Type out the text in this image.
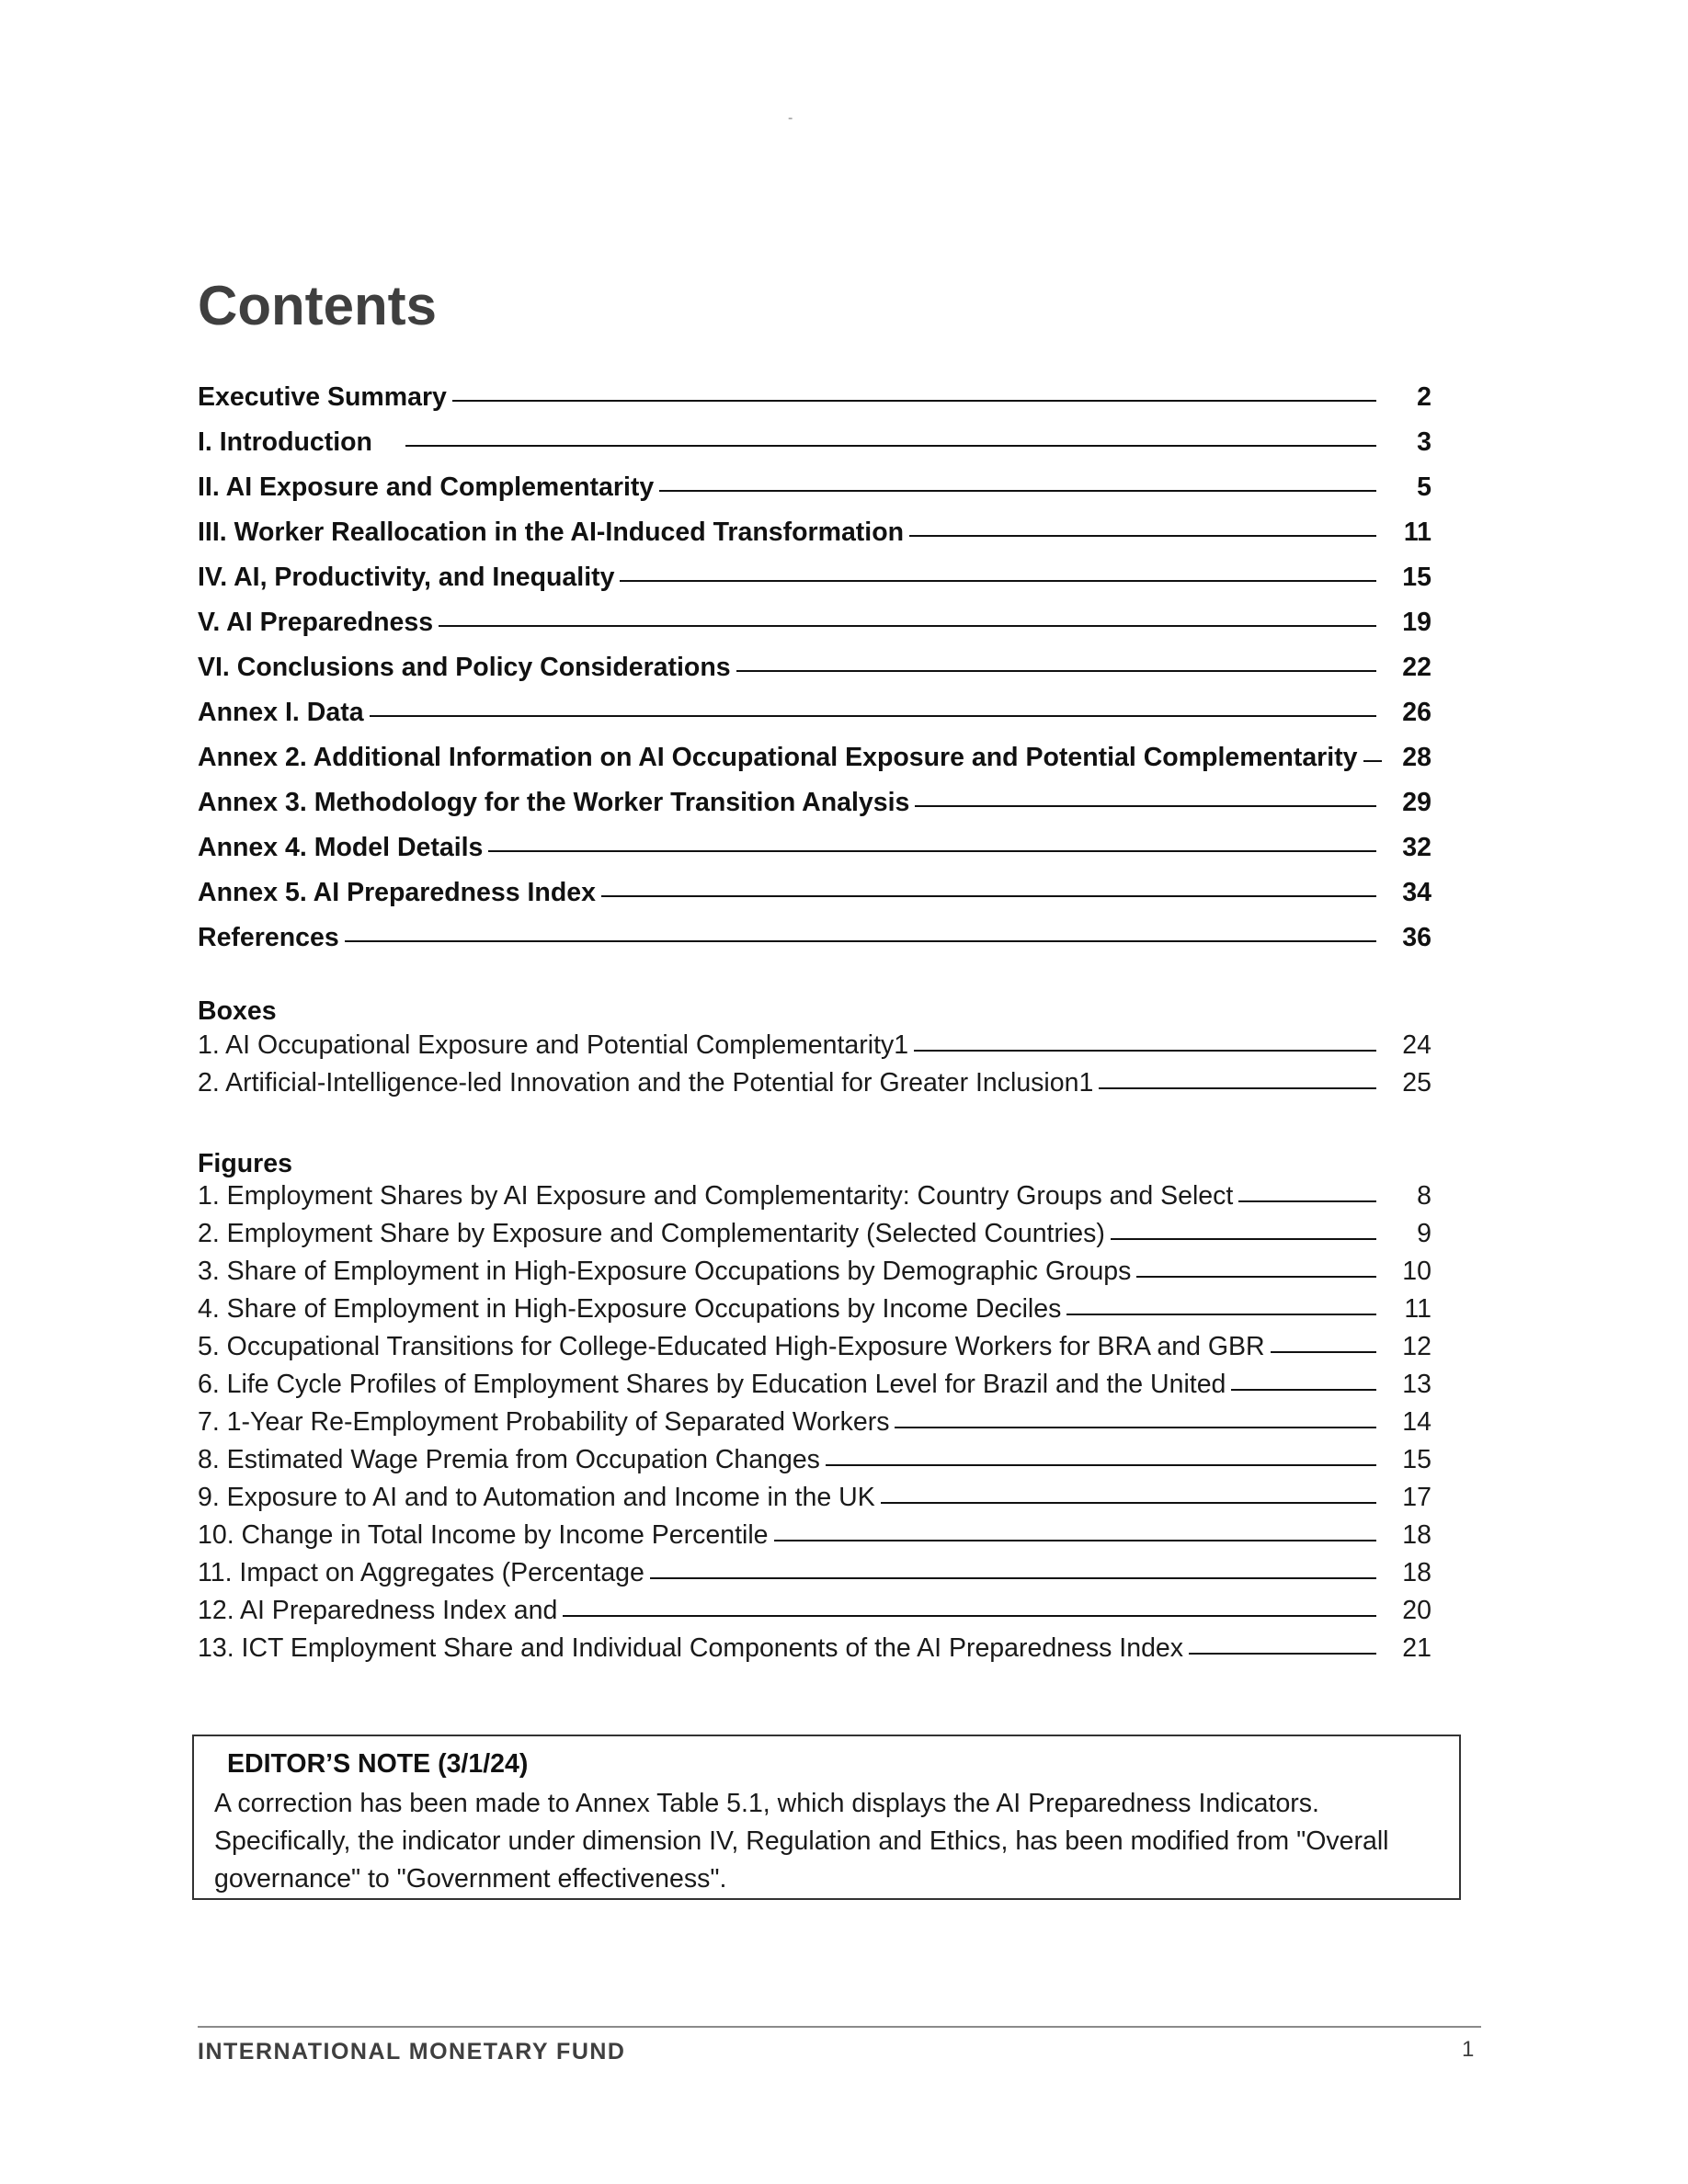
-
Contents
Executive Summary	2
I. Introduction	3
II. AI Exposure and Complementarity	5
III. Worker Reallocation in the AI-Induced Transformation	11
IV. AI, Productivity, and Inequality	15
V. AI Preparedness	19
VI. Conclusions and Policy Considerations	22
Annex I. Data	26
Annex 2. Additional Information on AI Occupational Exposure and Potential Complementarity	28
Annex 3. Methodology for the Worker Transition Analysis	29
Annex 4. Model Details	32
Annex 5. AI Preparedness Index	34
References	36
Boxes
1. AI Occupational Exposure and Potential Complementarity1	24
2. Artificial-Intelligence-led Innovation and the Potential for Greater Inclusion1	25
Figures
1. Employment Shares by AI Exposure and Complementarity: Country Groups and Select	8
2. Employment Share by Exposure and Complementarity (Selected Countries)	9
3. Share of Employment in High-Exposure Occupations by Demographic Groups	10
4. Share of Employment in High-Exposure Occupations by Income Deciles	11
5. Occupational Transitions for College-Educated High-Exposure Workers for BRA and GBR	12
6. Life Cycle Profiles of Employment Shares by Education Level for Brazil and the United	13
7. 1-Year Re-Employment Probability of Separated Workers	14
8. Estimated Wage Premia from Occupation Changes	15
9. Exposure to AI and to Automation and Income in the UK	17
10. Change in Total Income by Income Percentile	18
11. Impact on Aggregates (Percentage	18
12. AI Preparedness Index and	20
13. ICT Employment Share and Individual Components of the AI Preparedness Index	21
EDITOR’S NOTE (3/1/24)

A correction has been made to Annex Table 5.1, which displays the AI Preparedness Indicators. Specifically, the indicator under dimension IV, Regulation and Ethics, has been modified from "Overall governance" to "Government effectiveness".

INTERNATIONAL MONETARY FUND	1
